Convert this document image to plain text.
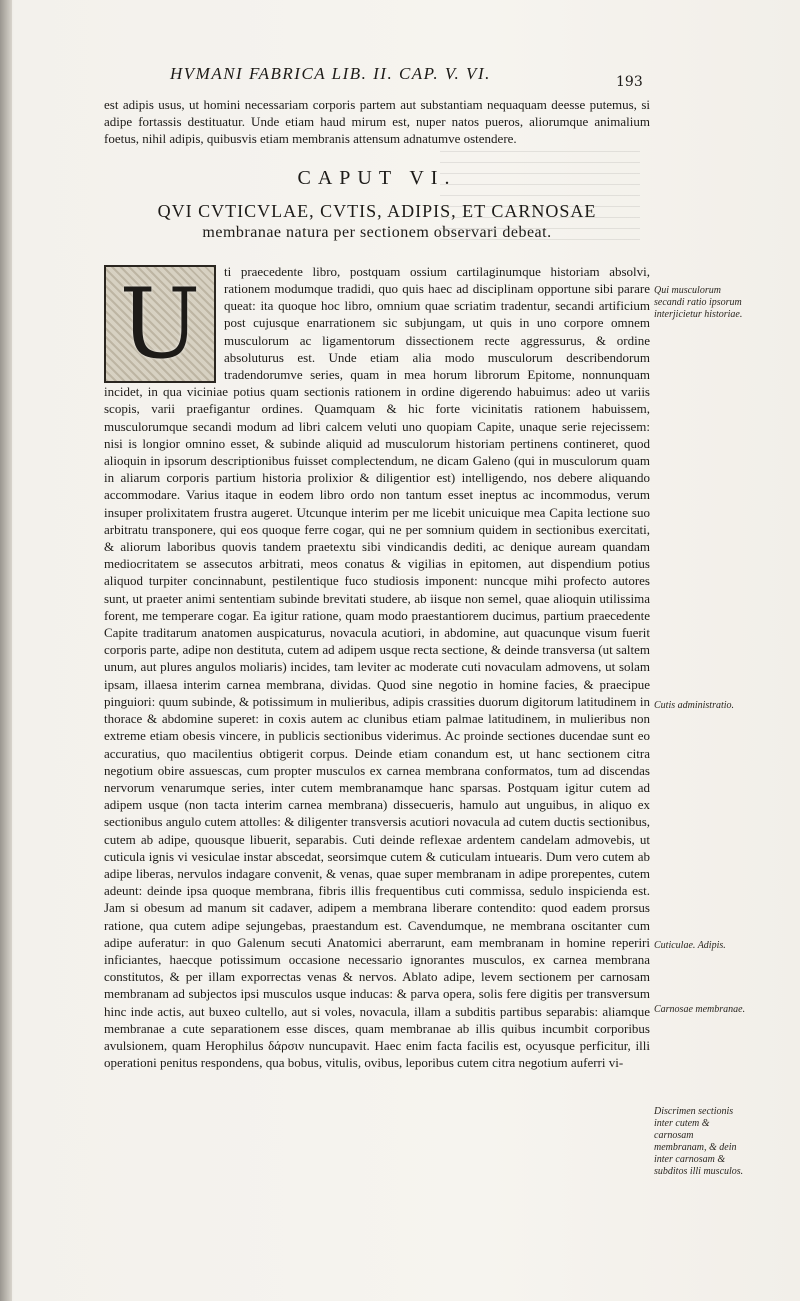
HVMANI FABRICA LIB. II. CAP. V. VI.	193

est adipis usus, ut homini necessariam corporis partem aut substantiam nequaquam deesse putemus, si adipe fortassis destituatur. Unde etiam haud mirum est, nuper natos pueros, aliorumque animalium foetus, nihil adipis, quibusvis etiam membranis attensum adnatumve ostendere.

CAPUT VI.
QVI CVTICVLAE, CVTIS, ADIPIS, ET CARNOSAE
membranae natura per sectionem observari debeat.
U	ti praecedente libro, postquam ossium cartilaginumque historiam absolvi, rationem modumque tradidi, quo quis haec ad disciplinam opportune sibi parare queat: ita quoque hoc libro, omnium quae scriatim tradentur, secandi artificium post cujusque enarrationem sic subjungam, ut quis in uno corpore omnem musculorum ac ligamentorum dissectionem recte aggressurus, & ordine absoluturus est. Unde etiam alia modo musculorum describendorum tradendorumve series, quam in mea horum librorum Epitome, nonnunquam incidet, in qua viciniae potius quam sectionis rationem in ordine digerendo habuimus: adeo ut variis scopis, varii praefigantur ordines. Quamquam & hic forte vicinitatis rationem habuissem, musculorumque secandi modum ad libri calcem veluti uno quopiam Capite, unaque serie rejecissem: nisi is longior omnino esset, & subinde aliquid ad musculorum historiam pertinens contineret, quod alioquin in ipsorum descriptionibus fuisset complectendum, ne dicam Galeno (qui in musculorum quam in aliarum corporis partium historia prolixior & diligentior est) intelligendo, nos debere aliquando accommodare. Varius itaque in eodem libro ordo non tantum esset ineptus ac incommodus, verum insuper prolixitatem frustra augeret. Utcunque interim per me licebit unicuique mea Capita lectione suo arbitratu transponere, qui eos quoque ferre cogar, qui ne per somnium quidem in sectionibus exercitati, & aliorum laboribus quovis tandem praetextu sibi vindicandis dediti, ac denique auream quandam mediocritatem se assecutos arbitrati, meos conatus & vigilias in epitomen, aut dispendium potius aliquod turpiter concinnabunt, pestilentique fuco studiosis imponent: nuncque mihi profecto autores sunt, ut praeter animi sententiam subinde brevitati studere, ab iisque non semel, quae alioquin utilissima forent, me temperare cogar. Ea igitur ratione, quam modo praestantiorem ducimus, partium praecedente Capite traditarum anatomen auspicaturus, novacula acutiori, in abdomine, aut quacunque visum fuerit corporis parte, adipe non destituta, cutem ad adipem usque recta sectione, & deinde transversa (ut saltem unum, aut plures angulos moliaris) incides, tam leviter ac moderate cuti novaculam admovens, ut solam ipsam, illaesa interim carnea membrana, dividas. Quod sine negotio in homine facies, & praecipue pinguiori: quum subinde, & potissimum in mulieribus, adipis crassities duorum digitorum latitudinem in thorace & abdomine superet: in coxis autem ac clunibus etiam palmae latitudinem, in mulieribus non extreme etiam obesis vincere, in publicis sectionibus viderimus. Ac proinde sectiones ducendae sunt eo accuratius, quo macilentius obtigerit corpus. Deinde etiam conandum est, ut hanc sectionem citra negotium obire assuescas, cum propter musculos ex carnea membrana conformatos, tum ad discendas nervorum venarumque series, inter cutem membranamque hanc sparsas. Postquam igitur cutem ad adipem usque (non tacta interim carnea membrana) dissecueris, hamulo aut unguibus, in aliquo ex sectionibus angulo cutem attolles: & diligenter transversis acutiori novacula ad cutem ductis sectionibus, cutem ab adipe, quousque libuerit, separabis. Cuti deinde reflexae ardentem candelam admovebis, ut cuticula ignis vi vesiculae instar abscedat, seorsimque cutem & cuticulam intuearis. Dum vero cutem ab adipe liberas, nervulos indagare convenit, & venas, quae super membranam in adipe prorepentes, cutem adeunt: deinde ipsa quoque membrana, fibris illis frequentibus cuti commissa, sedulo inspicienda est. Jam si obesum ad manum sit cadaver, adipem a membrana liberare contendito: quod eadem prorsus ratione, qua cutem adipe sejungebas, praestandum est. Cavendumque, ne membrana oscitanter cum adipe auferatur: in quo Galenum secuti Anatomici aberrarunt, eam membranam in homine reperiri inficiantes, haecque potissimum occasione necessario ignorantes musculos, ex carnea membrana constitutos, & per illam exporrectas venas & nervos. Ablato adipe, levem sectionem per carnosam membranam ad subjectos ipsi musculos usque inducas: & parva opera, solis fere digitis per transversum hinc inde actis, aut buxeo cultello, aut si voles, novacula, illam a subditis partibus separabis: aliamque membranae a cute separationem esse disces, quam membranae ab illis quibus incumbit corporibus avulsionem, quam Herophilus δάρσιν nuncupavit. Haec enim facta facilis est, ocyusque perficitur, illi operationi penitus respondens, qua bobus, vitulis, ovibus, leporibus cutem citra negotium auferri vi-

Qui musculorum secandi ratio ipsorum interjicietur historiae.
Cutis administratio.
Cuticulae. Adipis.
Carnosae membranae.
Discrimen sectionis inter cutem & carnosam membranam, & dein inter carnosam & subditos illi musculos.
